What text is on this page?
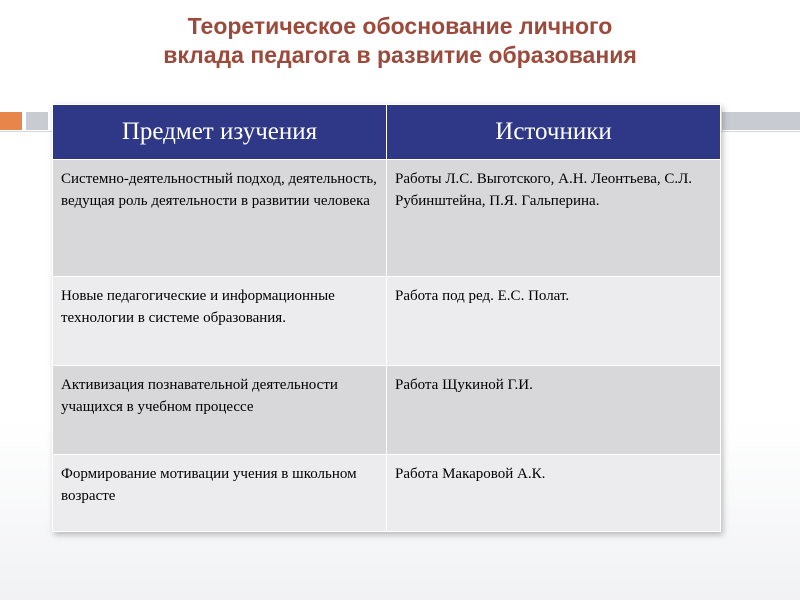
Теоретическое обоснование личного
вклада педагога в развитие образования
Предмет изучения	Источники
Системно-деятельностный подход, деятельность, ведущая роль деятельности в развитии человека	Работы Л.С. Выготского, А.Н. Леонтьева, С.Л. Рубинштейна, П.Я. Гальперина.
Новые педагогические и информационные технологии в системе образования.	Работа под ред. Е.С. Полат.
Активизация познавательной деятельности учащихся в учебном процессе	Работа Щукиной Г.И.
Формирование мотивации учения в школьном возрасте	Работа Макаровой А.К.
